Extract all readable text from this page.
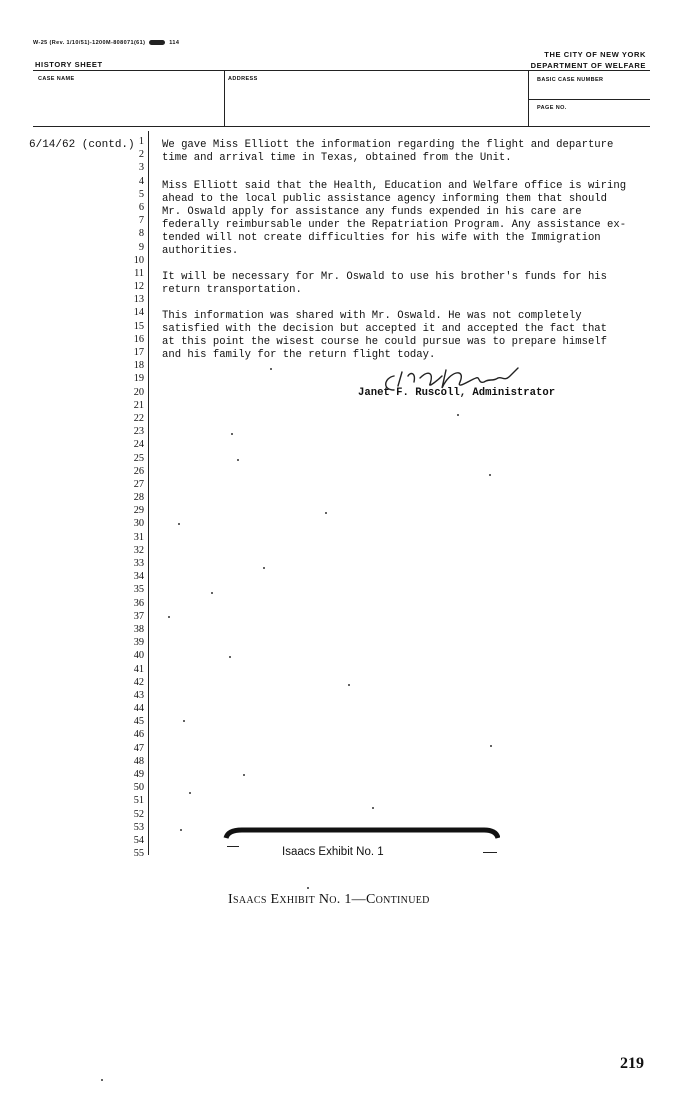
W-25 (Rev. 1/10/51)-1200M-808071(61)	114
HISTORY SHEET
THE CITY OF NEW YORK
DEPARTMENT OF WELFARE
CASE NAME	ADDRESS	BASIC CASE NUMBER
PAGE NO.
6/14/62 (contd.) 1
2
3
4
5
6
7
8
9
10
11
12
13
14
15
16
17
18
19
20
21
22
23
24
25
26
27
28
29
30
31
32
33
34
35
36
37
38
39
40
41
42
43
44
45
46
47
48
49
50
51
52
53
54
55
We gave Miss Elliott the information regarding the flight and departure
time and arrival time in Texas, obtained from the Unit.
Miss Elliott said that the Health, Education and Welfare office is wiring
ahead to the local public assistance agency informing them that should
Mr. Oswald apply for assistance any funds expended in his care are
federally reimbursable under the Repatriation Program. Any assistance ex-
tended will not create difficulties for his wife with the Immigration
authorities.
It will be necessary for Mr. Oswald to use his brother's funds for his
return transportation.
This information was shared with Mr. Oswald. He was not completely
satisfied with the decision but accepted it and accepted the fact that
at this point the wisest course he could pursue was to prepare himself
and his family for the return flight today.
Janet F. Ruscoll, Administrator
Isaacs Exhibit No. 1
Isaacs Exhibit No. 1—Continued
219
